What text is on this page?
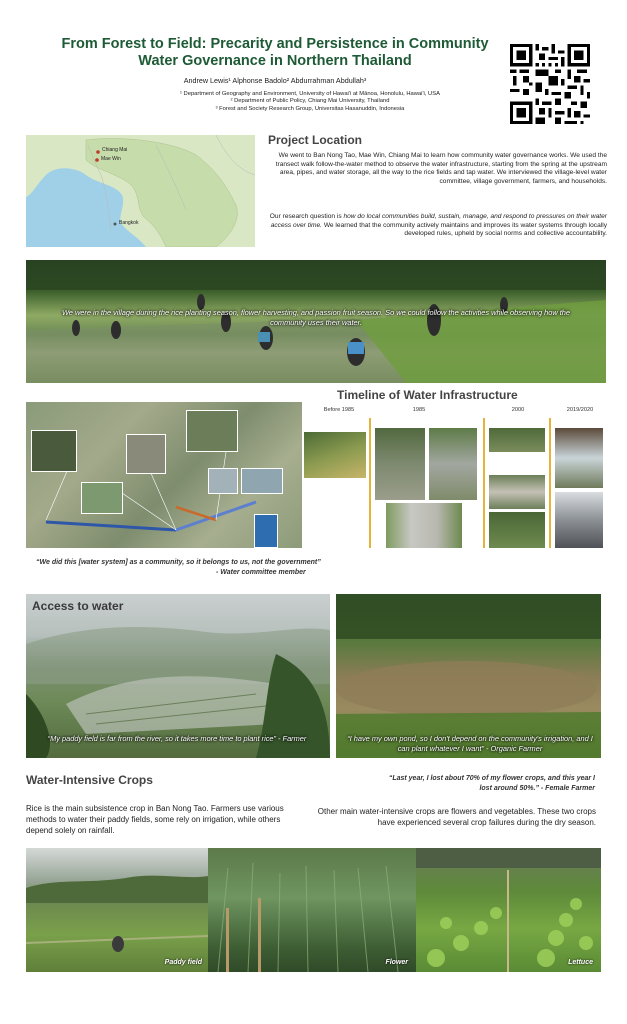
From Forest to Field: Precarity and Persistence in Community
Water Governance in Northern Thailand
Andrew Lewis¹ Alphonse Badolo² Abdurrahman Abdullah³
¹ Department of Geography and Environment, University of Hawai'i at Mānoa, Honolulu, Hawai'i, USA
² Department of Public Policy, Chiang Mai University, Thailand
³ Forest and Society Research Group, Universitas Hasanuddin, Indonesia
Chiang Mai
Mae Win
Bangkok
Project Location
We went to Ban Nong Tao, Mae Win, Chiang Mai to learn how community water governance works. We used the transect walk follow-the-water method to observe the water infrastructure, starting from the spring at the upstream area, pipes, and water storage, all the way to the rice fields and tap water. We interviewed the village-level water committee, village government, farmers, and households.
Our research question is how do local communities build, sustain, manage, and respond to pressures on their water access over time. We learned that the community actively maintains and improves its water systems through locally developed rules, upheld by social norms and collective accountability.
We were in the village during the rice planting season, flower harvesting, and passion fruit season. So we could follow the activities while observing how the community uses their water.
Timeline of Water Infrastructure
Before 1985	1985	2000	2019/2020
“We did this [water system] as a community, so it belongs to us, not the government”
- Water committee member
Access to water
“My paddy field is far from the river, so it takes more time to plant rice” - Farmer	“I have my own pond, so I don't depend on the community's irrigation, and I can plant whatever I want” - Organic Farmer
Water-Intensive Crops	“Last year, I lost about 70% of my flower crops, and this year I lost around 50%.” - Female Farmer
Rice is the main subsistence crop in Ban Nong Tao. Farmers use various methods to water their paddy fields, some rely on irrigation, while others depend solely on rainfall.
Other main water-intensive crops are flowers and vegetables. These two crops have experienced several crop failures during the dry season.
Paddy field	Flower	Lettuce
